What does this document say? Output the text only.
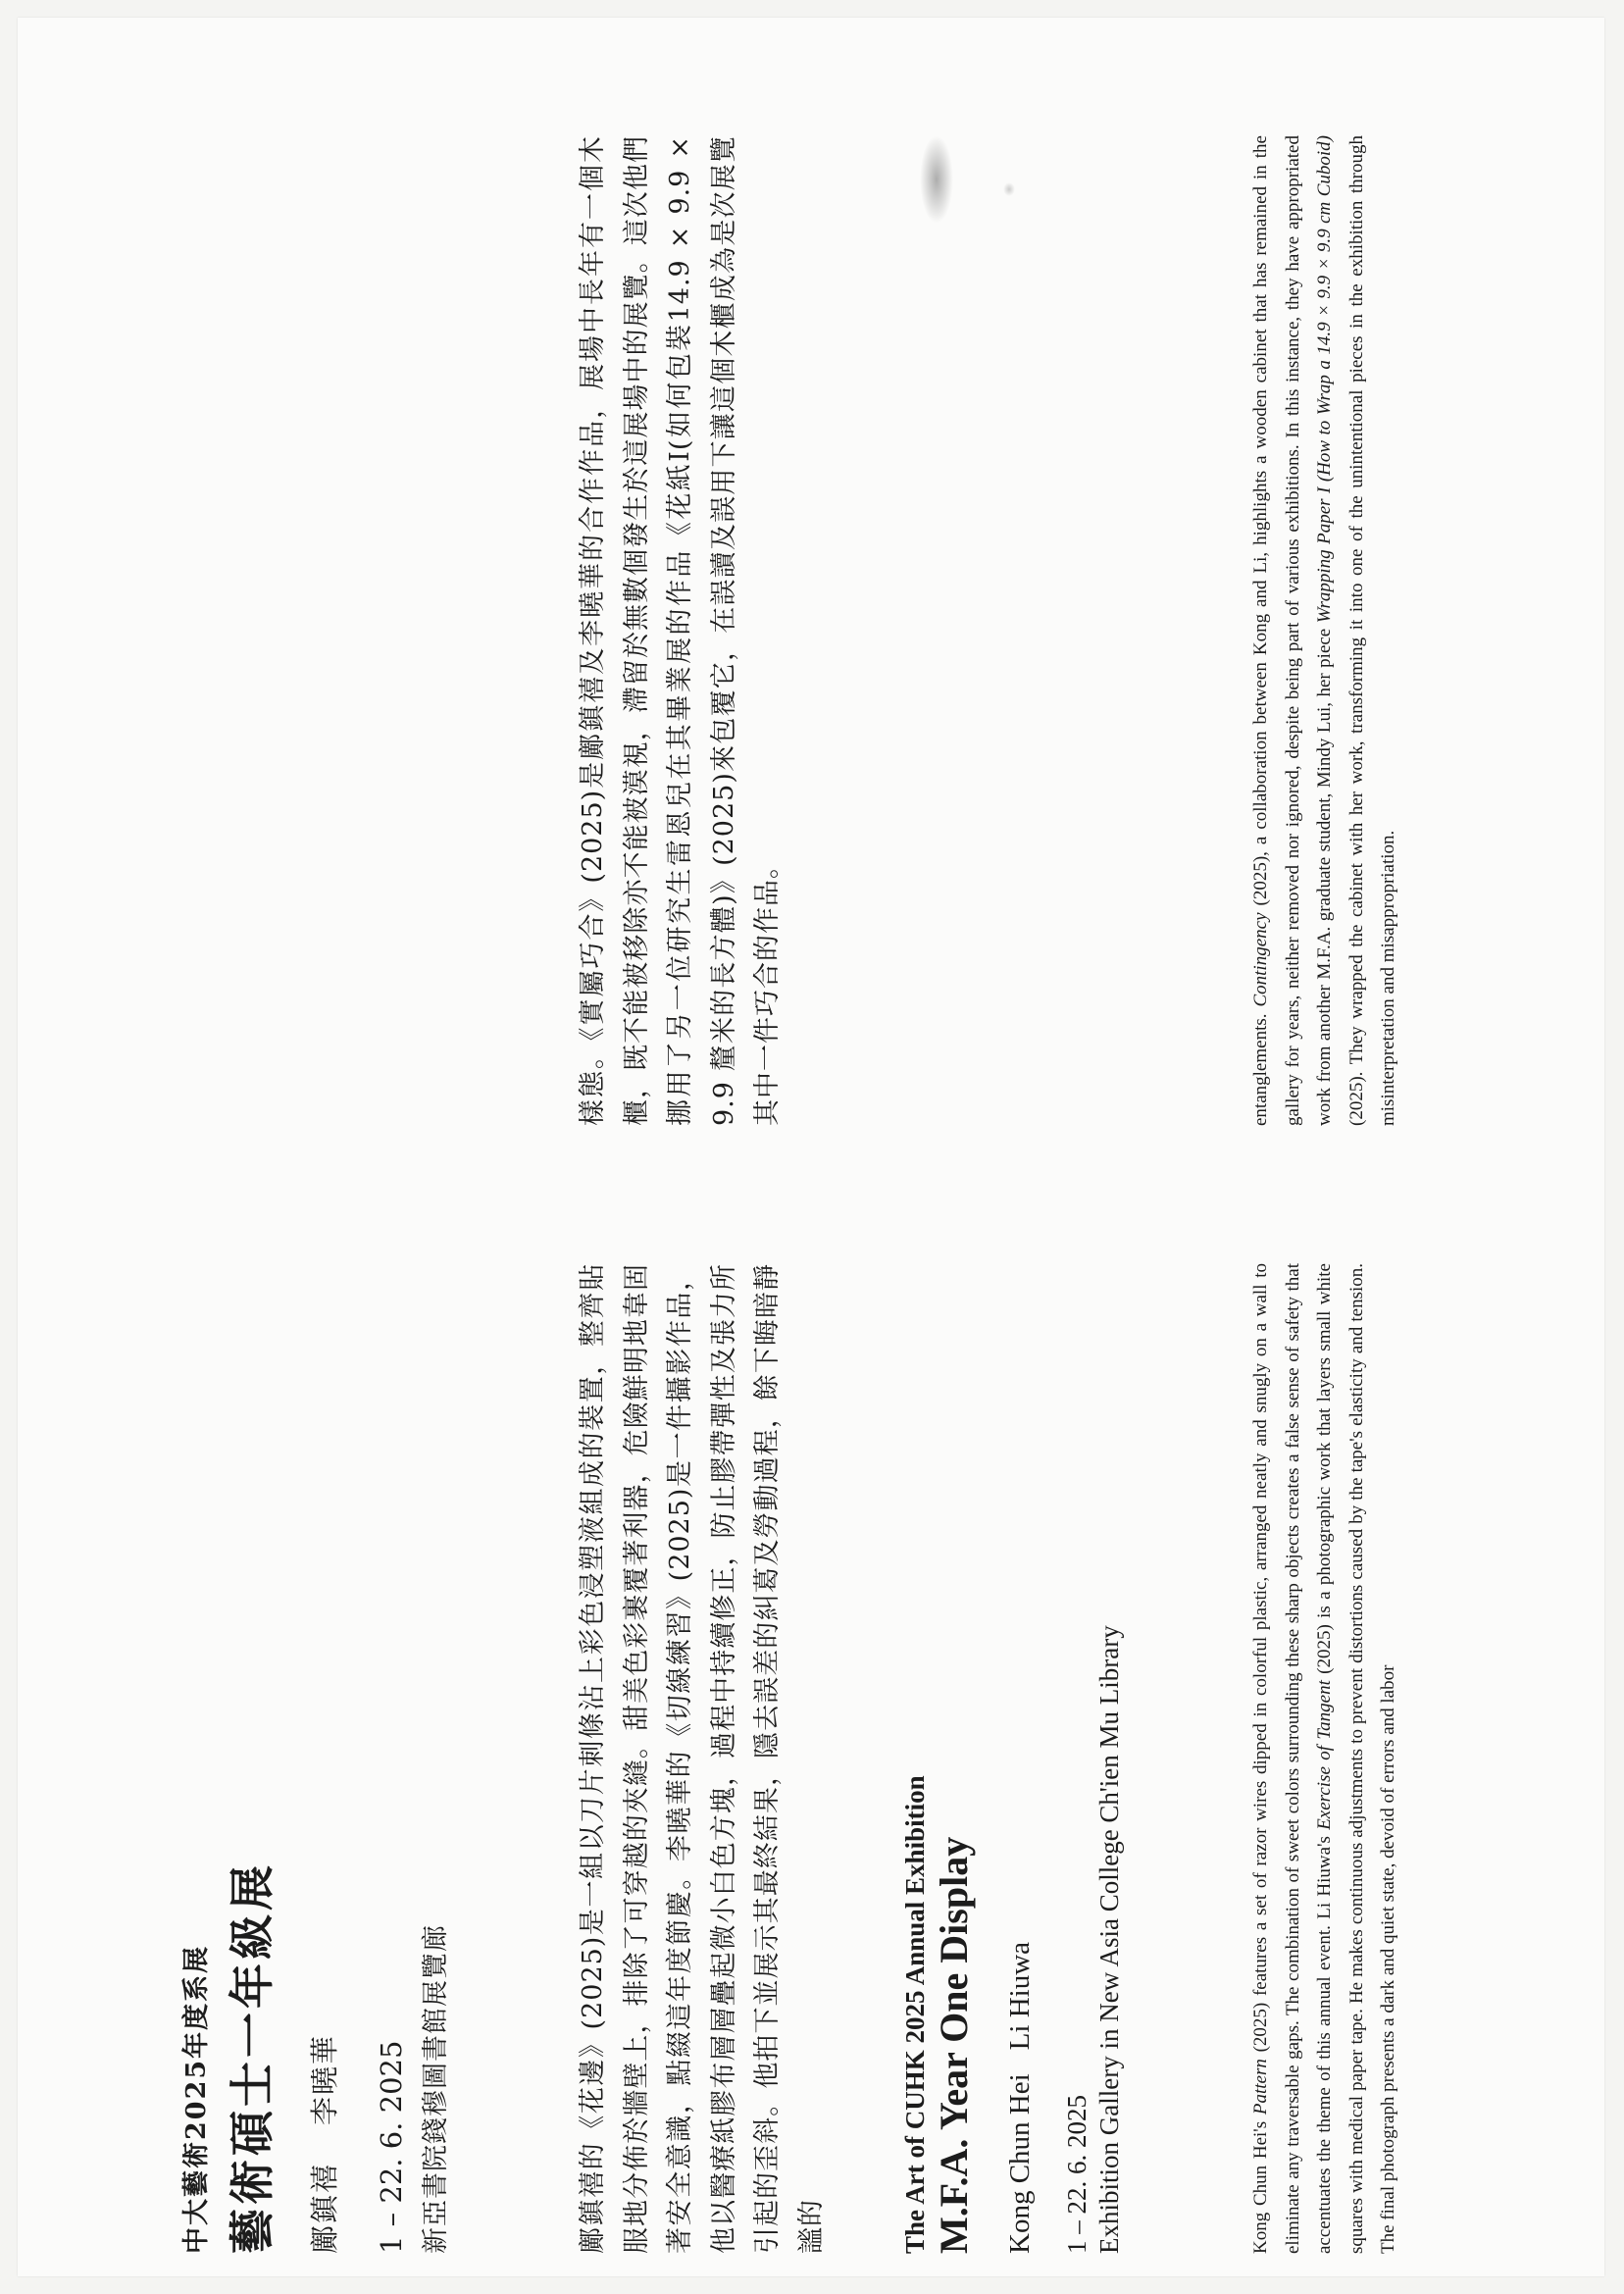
中大藝術2025年度系展 藝術碩士一年級展 鄺鎮禧李曉華 1 – 22. 6. 2025 新亞書院錢穆圖書館展覽廊	鄺鎮禧的《花邊》(2025)是一組以刀片刺條沾上彩色浸塑液組成的裝置，整齊貼服地分佈於牆壁上，排除了可穿越的夾縫。甜美色彩裹覆著利器，危險鮮明地韋固著安全意識，點綴這年度節慶。李曉華的《切線練習》(2025)是一件攝影作品，他以醫療紙膠布層層疊起微小白色方塊，過程中持續修正，防止膠帶彈性及張力所引起的歪斜。他拍下並展示其最終結果，隱去誤差的糾葛及勞動過程，餘下晦暗靜謐的
樣態。《實屬巧合》(2025)是鄺鎮禧及李曉華的合作作品，展場中長年有一個木櫃，既不能被移除亦不能被漠視，滯留於無數個發生於這展場中的展覽。這次他們挪用了另一位研究生雷恩兒在其畢業展的作品《花紙I(如何包裝14.9 × 9.9 × 9.9 釐米的長方體)》(2025)來包覆它，在誤讀及誤用下讓這個木櫃成為是次展覽其中一件巧合的作品。
The Art of CUHK 2025 Annual Exhibition M.F.A. Year One Display Kong Chun HeiLi Hiuwa
1 – 22. 6. 2025 Exhibition Gallery in New Asia College Ch'ien Mu Library	Kong Chun Hei's Pattern (2025) features a set of razor wires dipped in colorful plastic, arranged neatly and snugly on a wall to eliminate any traversable gaps. The combination of sweet colors surrounding these sharp objects creates a false sense of safety that accentuates the theme of this annual event. Li Hiuwa's Exercise of Tangent (2025) is a photographic work that layers small white squares with medical paper tape. He makes continuous adjustments to prevent distortions caused by the tape's elasticity and tension. The final photograph presents a dark and quiet state, devoid of errors and labor
entanglements. Contingency (2025), a collaboration between Kong and Li, highlights a wooden cabinet that has remained in the gallery for years, neither removed nor ignored, despite being part of various exhibitions. In this instance, they have appropriated work from another M.F.A. graduate student, Mindy Lui, her piece Wrapping Paper I (How to Wrap a 14.9 × 9.9 × 9.9 cm Cuboid) (2025). They wrapped the cabinet with her work, transforming it into one of the unintentional pieces in the exhibition through misinterpretation and misappropriation.
